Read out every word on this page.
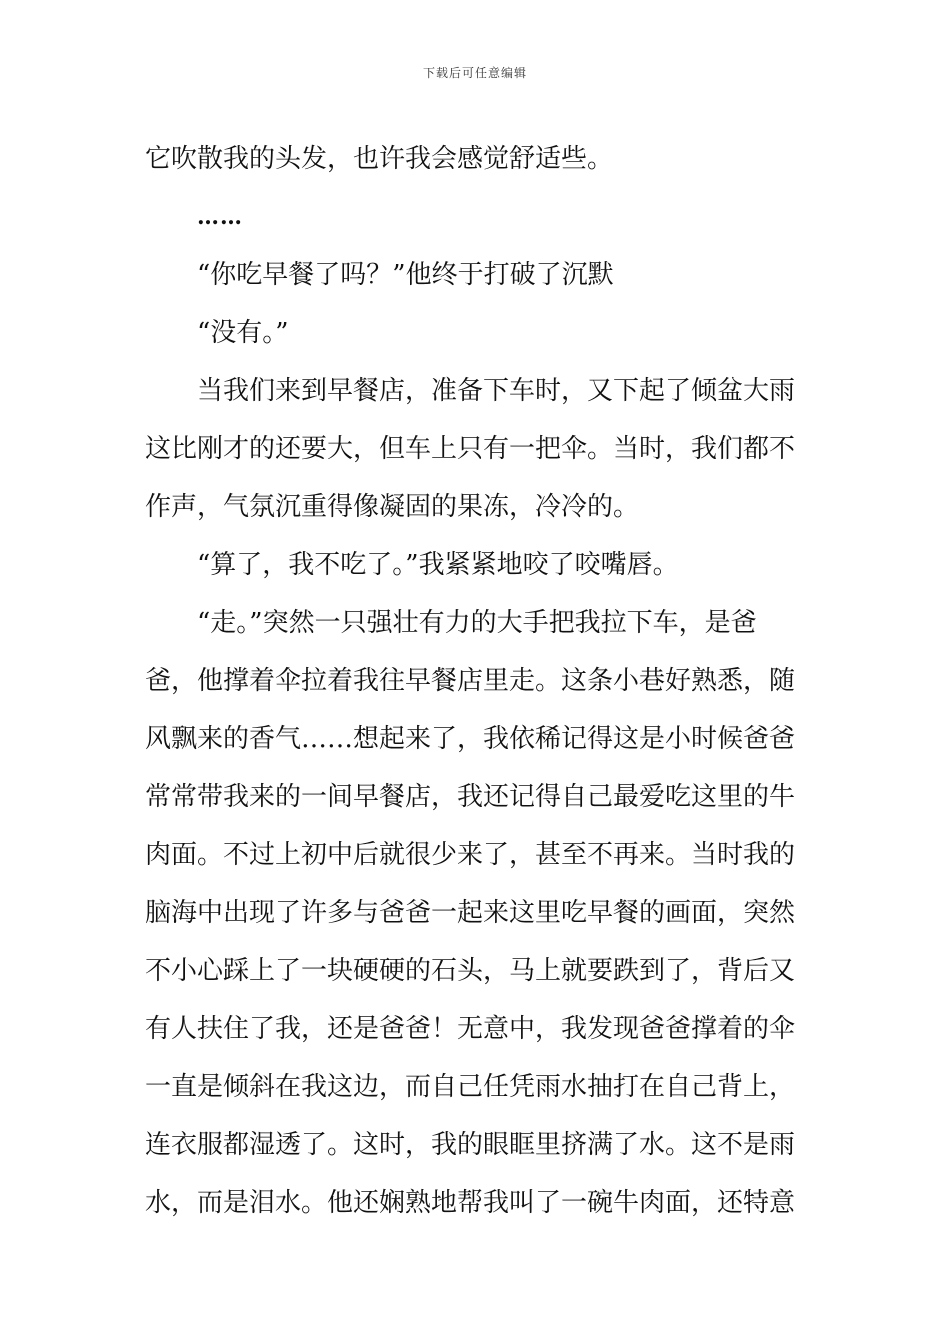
下载后可任意编辑
它吹散我的头发，也许我会感觉舒适些。
……
“你吃早餐了吗？”他终于打破了沉默
“没有。”
当我们来到早餐店，准备下车时，又下起了倾盆大雨
这比刚才的还要大，但车上只有一把伞。当时，我们都不
作声，气氛沉重得像凝固的果冻，冷冷的。
“算了，我不吃了。”我紧紧地咬了咬嘴唇。
“走。”突然一只强壮有力的大手把我拉下车，是爸
爸，他撑着伞拉着我往早餐店里走。这条小巷好熟悉，随
风飘来的香气……想起来了，我依稀记得这是小时候爸爸
常常带我来的一间早餐店，我还记得自己最爱吃这里的牛
肉面。不过上初中后就很少来了，甚至不再来。当时我的
脑海中出现了许多与爸爸一起来这里吃早餐的画面，突然
不小心踩上了一块硬硬的石头，马上就要跌到了，背后又
有人扶住了我，还是爸爸！无意中，我发现爸爸撑着的伞
一直是倾斜在我这边，而自己任凭雨水抽打在自己背上，
连衣服都湿透了。这时，我的眼眶里挤满了水。这不是雨
水，而是泪水。他还娴熟地帮我叫了一碗牛肉面，还特意
